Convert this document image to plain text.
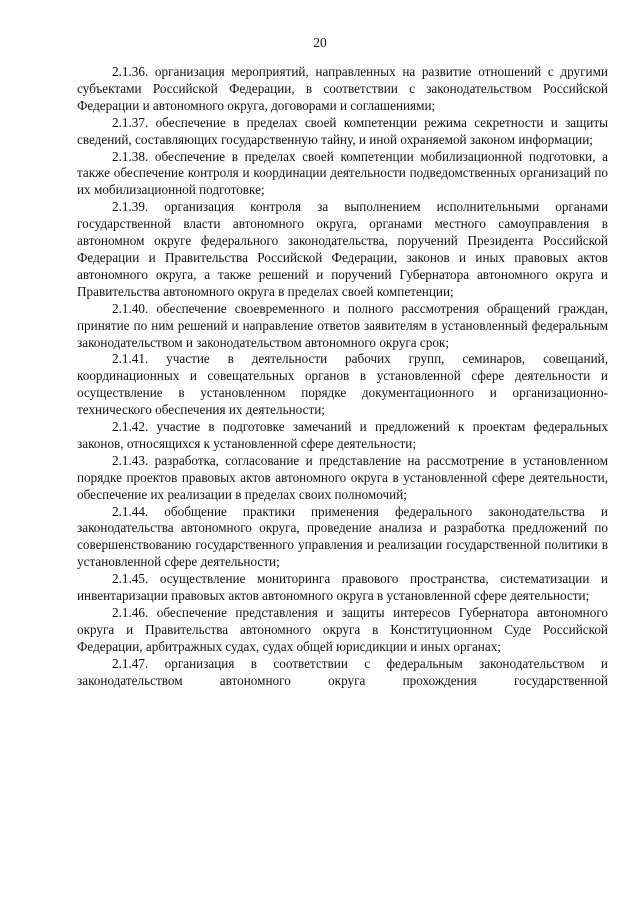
20

2.1.36. организация мероприятий, направленных на развитие отношений с другими субъектами Российской Федерации, в соответствии с законодательством Российской Федерации и автономного округа, договорами и соглашениями;

2.1.37. обеспечение в пределах своей компетенции режима секретности и защиты сведений, составляющих государственную тайну, и иной охраняемой законом информации;

2.1.38. обеспечение в пределах своей компетенции мобилизационной подготовки, а также обеспечение контроля и координации деятельности подведомственных организаций по их мобилизационной подготовке;

2.1.39. организация контроля за выполнением исполнительными органами государственной власти автономного округа, органами местного самоуправления в автономном округе федерального законодательства, поручений Президента Российской Федерации и Правительства Российской Федерации, законов и иных правовых актов автономного округа, а также решений и поручений Губернатора автономного округа и Правительства автономного округа в пределах своей компетенции;

2.1.40. обеспечение своевременного и полного рассмотрения обращений граждан, принятие по ним решений и направление ответов заявителям в установленный федеральным законодательством и законодательством автономного округа срок;

2.1.41. участие в деятельности рабочих групп, семинаров, совещаний, координационных и совещательных органов в установленной сфере деятельности и осуществление в установленном порядке документационного и организационно-технического обеспечения их деятельности;

2.1.42. участие в подготовке замечаний и предложений к проектам федеральных законов, относящихся к установленной сфере деятельности;

2.1.43. разработка, согласование и представление на рассмотрение в установленном порядке проектов правовых актов автономного округа в установленной сфере деятельности, обеспечение их реализации в пределах своих полномочий;

2.1.44. обобщение практики применения федерального законодательства и законодательства автономного округа, проведение анализа и разработка предложений по совершенствованию государственного управления и реализации государственной политики в установленной сфере деятельности;

2.1.45. осуществление мониторинга правового пространства, систематизации и инвентаризации правовых актов автономного округа в установленной сфере деятельности;

2.1.46. обеспечение представления и защиты интересов Губернатора автономного округа и Правительства автономного округа в Конституционном Суде Российской Федерации, арбитражных судах, судах общей юрисдикции и иных органах;

2.1.47. организация в соответствии с федеральным законодательством и законодательством автономного округа прохождения государственной
